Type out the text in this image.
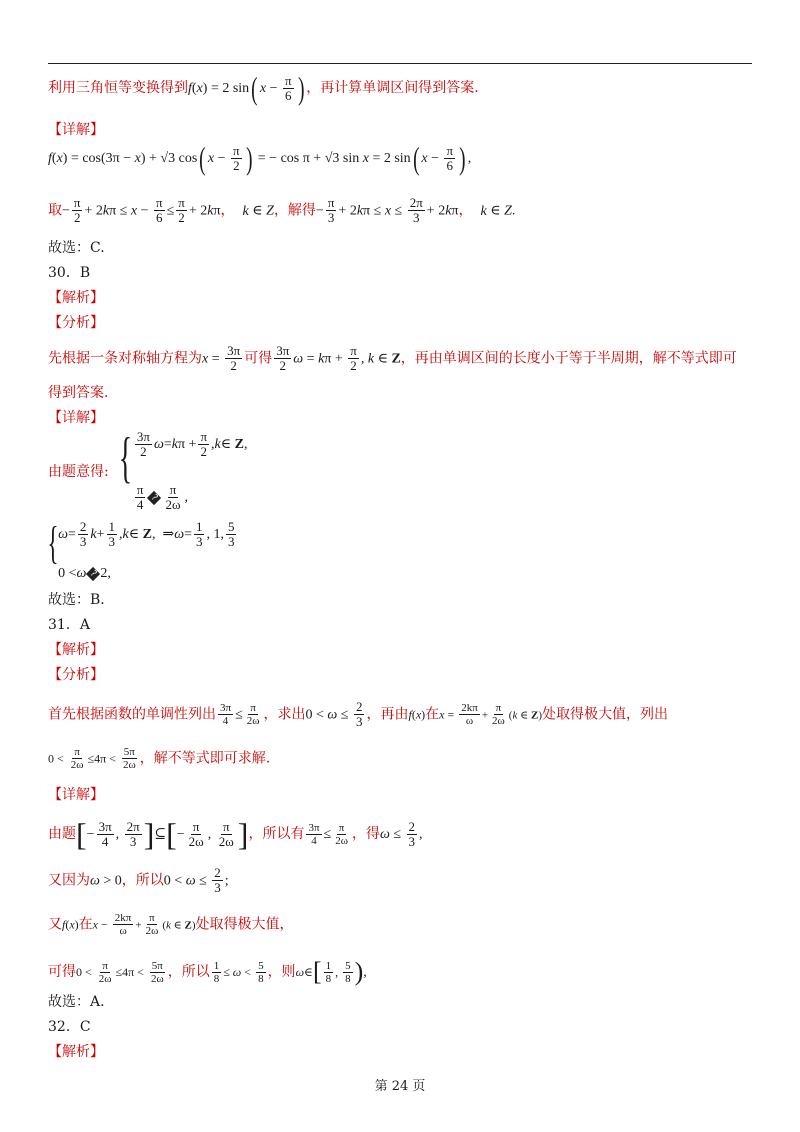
利用三角恒等变换得到f(x) = 2 sin( $x - \frac{\pi}{6}$ ) ，再计算单调区间得到答案.
【详解】
f(x) = cos(3π − x) + √3 cos( $x - \frac{\pi}{2}$ ) = − cos π + √3 sin x = 2 sin( $x - \frac{\pi}{6}$ ) ,
取− $\frac{\pi}{2} + 2k\pi \le x - \frac{\pi}{6} \le \frac{\pi}{2} + 2k\pi$， k ∈ Z，解得− $\frac{\pi}{3} + 2k\pi \le x \le \frac{2\pi}{3} + 2k\pi$， k ∈ Z.
故选：C.
30．B
【解析】
【分析】
先根据一条对称轴方程为$x = \frac{3\pi}{2}$ 可得 $\frac{3\pi}{2}$ $\omega = k\pi + \frac{\pi}{2}$ , k ∈ Z，再由单调区间的长度小于等于半周期，解不等式即可
得到答案.
【详解】
由题意得: { $\frac{3\pi}{2}$ ω = k $\pi + \frac{\pi}{2}$ , k ∈ Z,
$\frac{\pi}{4}$ ? $\frac{\pi}{2\omega}$ ,
{ $\omega = \frac{2}{3}$ $k + \frac{1}{3}$ , k ∈ Z,  ⇒ $\omega = \frac{1}{3}$ , 1, $\frac{5}{3}$
0 < ω ? 2,
故选：B.
31．A
【解析】
【分析】
首先根据函数的单调性列出 $\frac{3\pi}{4} \le \frac{\pi}{2\omega}$ ，求出$0 < \omega \le \frac{2}{3}$ ，再由f(x)在$x = \frac{2k\pi}{\omega} + \frac{\pi}{2\omega} (k$ ∈ Z)处取得极大值，列出
$0 < \frac{\pi}{2\omega} \le 4\pi < \frac{5\pi}{2\omega}$ ，解不等式即可求解.
【详解】
由题[− $\frac{3\pi}{4}$ , $\frac{2\pi}{3}$ ]⊆[− $\frac{\pi}{2\omega}$ , $\frac{\pi}{2\omega}$ ]，所以有 $\frac{3\pi}{4} \le \frac{\pi}{2\omega}$ ，得$\omega \le \frac{2}{3}$ ,
又因为ω > 0，所以$0 < \omega \le \frac{2}{3}$ ;
又f(x)在$x - \frac{2k\pi}{\omega} + \frac{\pi}{2\omega} (k$ ∈ Z)处取得极大值，
可得$0 < \frac{\pi}{2\omega} \le 4\pi < \frac{5\pi}{2\omega}$ ，所以 $\frac{1}{8} \le \omega < \frac{5}{8}$ ，则ω∈[ $\frac{1}{8}$ , $\frac{5}{8}$ ),
故选：A.
32．C
【解析】
第 24 页
